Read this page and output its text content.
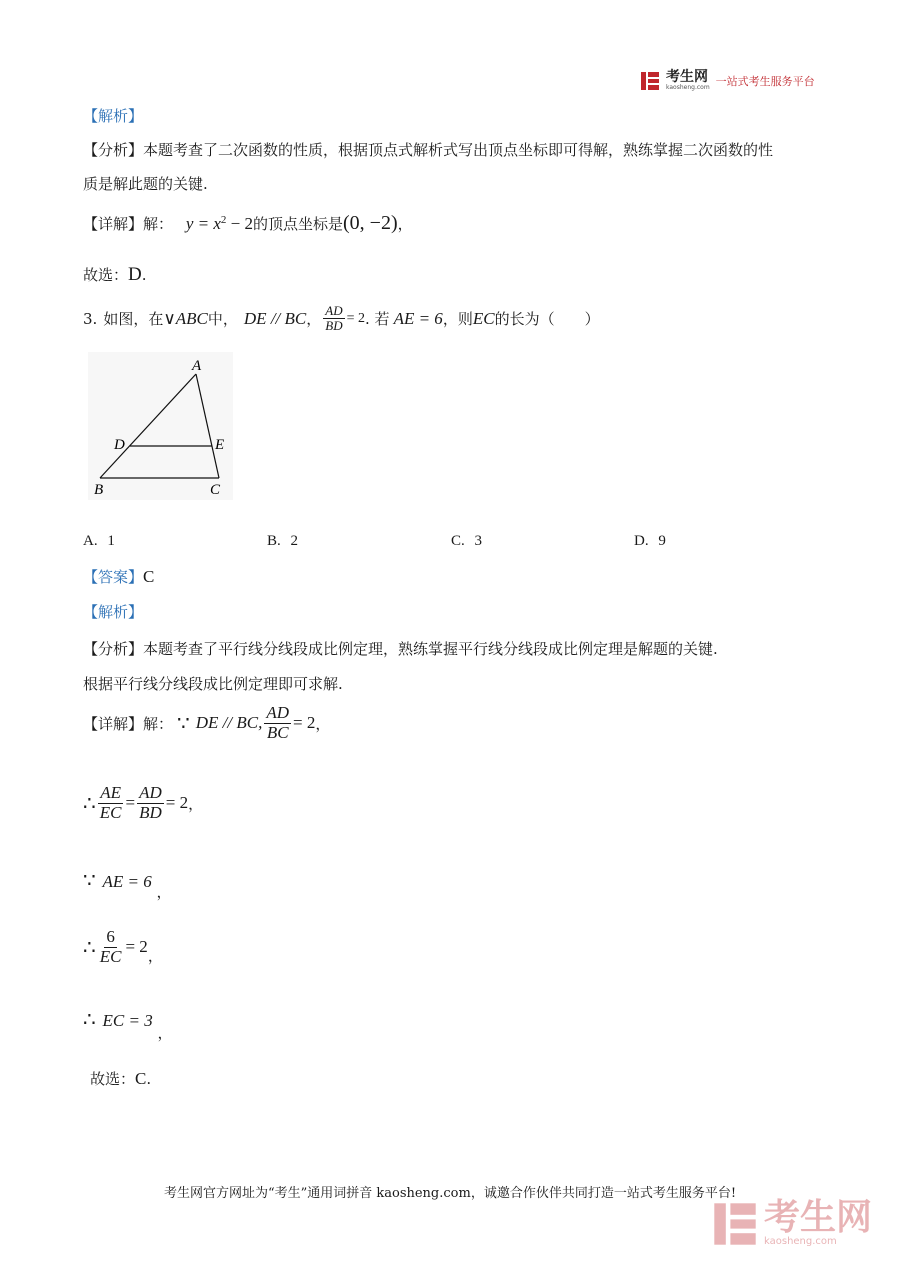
考生网
kaosheng.com 一站式考生服务平台
【解析】
【分析】本题考查了二次函数的性质，根据顶点式解析式写出顶点坐标即可得解，熟练掌握二次函数的性
质是解此题的关键.
【详解】解： $y = x^2 - 2$的顶点坐标是(0, −2)，
故选：D.
3. 如图，在 ∨ABC 中， DE // BC ， $\frac{AD}{BD} = 2$ . 若 AE = 6 ，则 EC 的长为（　　）
A
D	E
B	C
A. 1	B. 2	C. 3	D. 9
【答案】C
【解析】
【分析】本题考查了平行线分线段成比例定理，熟练掌握平行线分线段成比例定理是解题的关键.
根据平行线分线段成比例定理即可求解.
【详解】 解： ∵ DE // BC, $\frac{AD}{BC} = 2$ ，
∴ $\frac{AE}{EC} = \frac{AD}{BD} = 2$ ，
∵ AE = 6 ，
∴ $\frac{6}{EC} = 2$ ，
∴ EC = 3 ，
故选：C.
考生网官方网址为“考生”通用词拼音 kaosheng.com，诚邀合作伙伴共同打造一站式考生服务平台!
考生网
kaosheng.com
